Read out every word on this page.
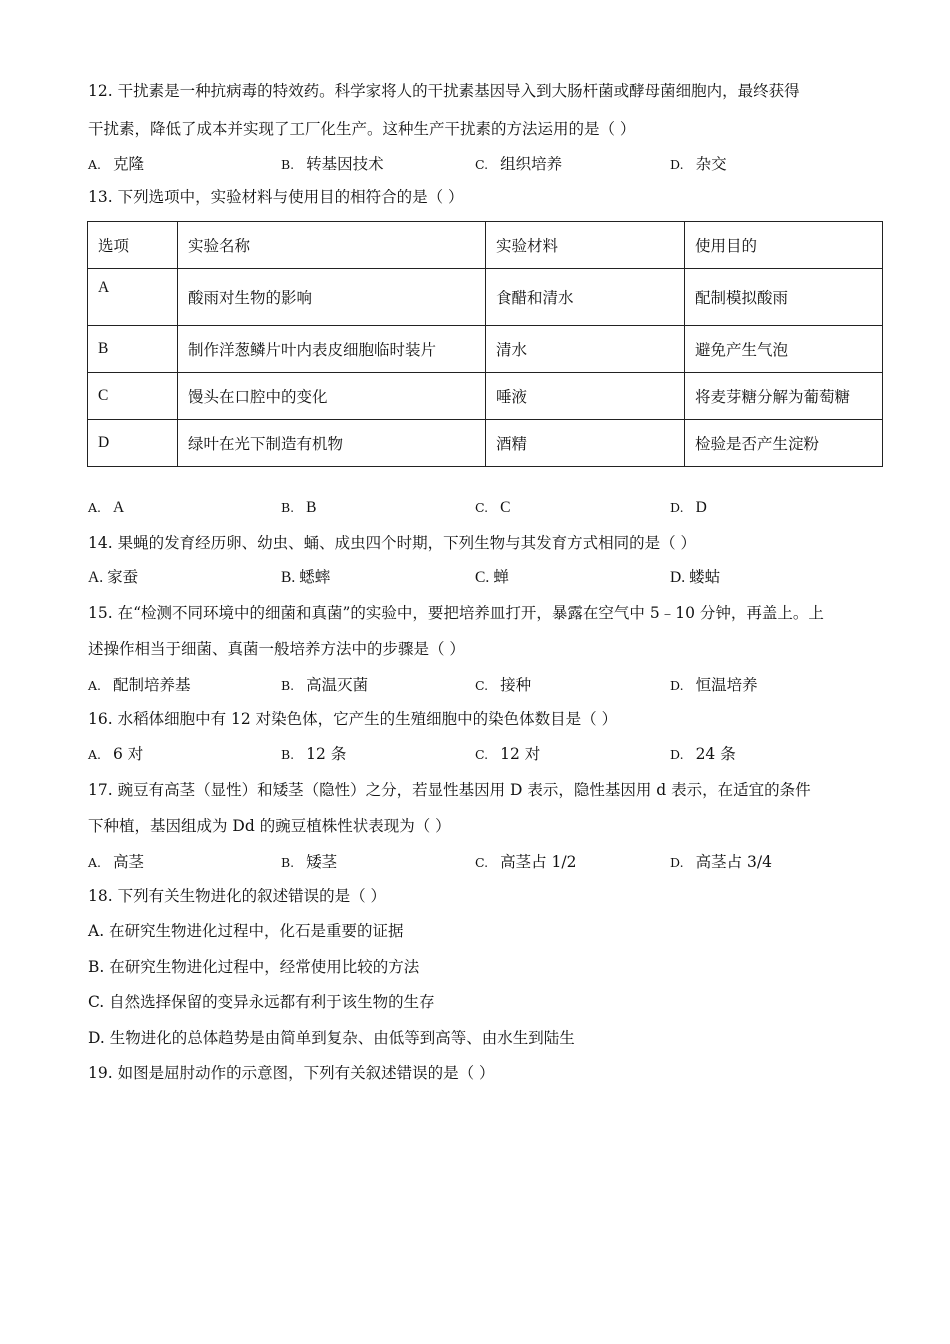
12. 干扰素是一种抗病毒的特效药。科学家将人的干扰素基因导入到大肠杆菌或酵母菌细胞内，最终获得
干扰素，降低了成本并实现了工厂化生产。这种生产干扰素的方法运用的是（ ）
A. 克隆	B. 转基因技术	C. 组织培养	D. 杂交
13. 下列选项中，实验材料与使用目的相符合的是（ ）
选项	实验名称	实验材料	使用目的
A	酸雨对生物的影响	食醋和清水	配制模拟酸雨
B	制作洋葱鳞片叶内表皮细胞临时装片	清水	避免产生气泡
C	馒头在口腔中的变化	唾液	将麦芽糖分解为葡萄糖
D	绿叶在光下制造有机物	酒精	检验是否产生淀粉
A. A	B. B	C. C	D. D
14. 果蝇的发育经历卵、幼虫、蛹、成虫四个时期，下列生物与其发育方式相同的是（ ）
A. 家蚕	B. 蟋蟀	C. 蝉	D. 蝼蛄
15. 在“检测不同环境中的细菌和真菌”的实验中，要把培养皿打开，暴露在空气中 5﹣10 分钟，再盖上。上
述操作相当于细菌、真菌一般培养方法中的步骤是（ ）
A. 配制培养基	B. 高温灭菌	C. 接种	D. 恒温培养
16. 水稻体细胞中有 12 对染色体，它产生的生殖细胞中的染色体数目是（ ）
A. 6 对	B. 12 条	C. 12 对	D. 24 条
17. 豌豆有高茎（显性）和矮茎（隐性）之分，若显性基因用 D 表示，隐性基因用 d 表示，在适宜的条件
下种植，基因组成为 Dd 的豌豆植株性状表现为（ ）
A. 高茎	B. 矮茎	C. 高茎占 1/2	D. 高茎占 3/4
18. 下列有关生物进化的叙述错误的是（ ）
A. 在研究生物进化过程中，化石是重要的证据
B. 在研究生物进化过程中，经常使用比较的方法
C. 自然选择保留的变异永远都有利于该生物的生存
D. 生物进化的总体趋势是由简单到复杂、由低等到高等、由水生到陆生
19. 如图是屈肘动作的示意图，下列有关叙述错误的是（ ）
